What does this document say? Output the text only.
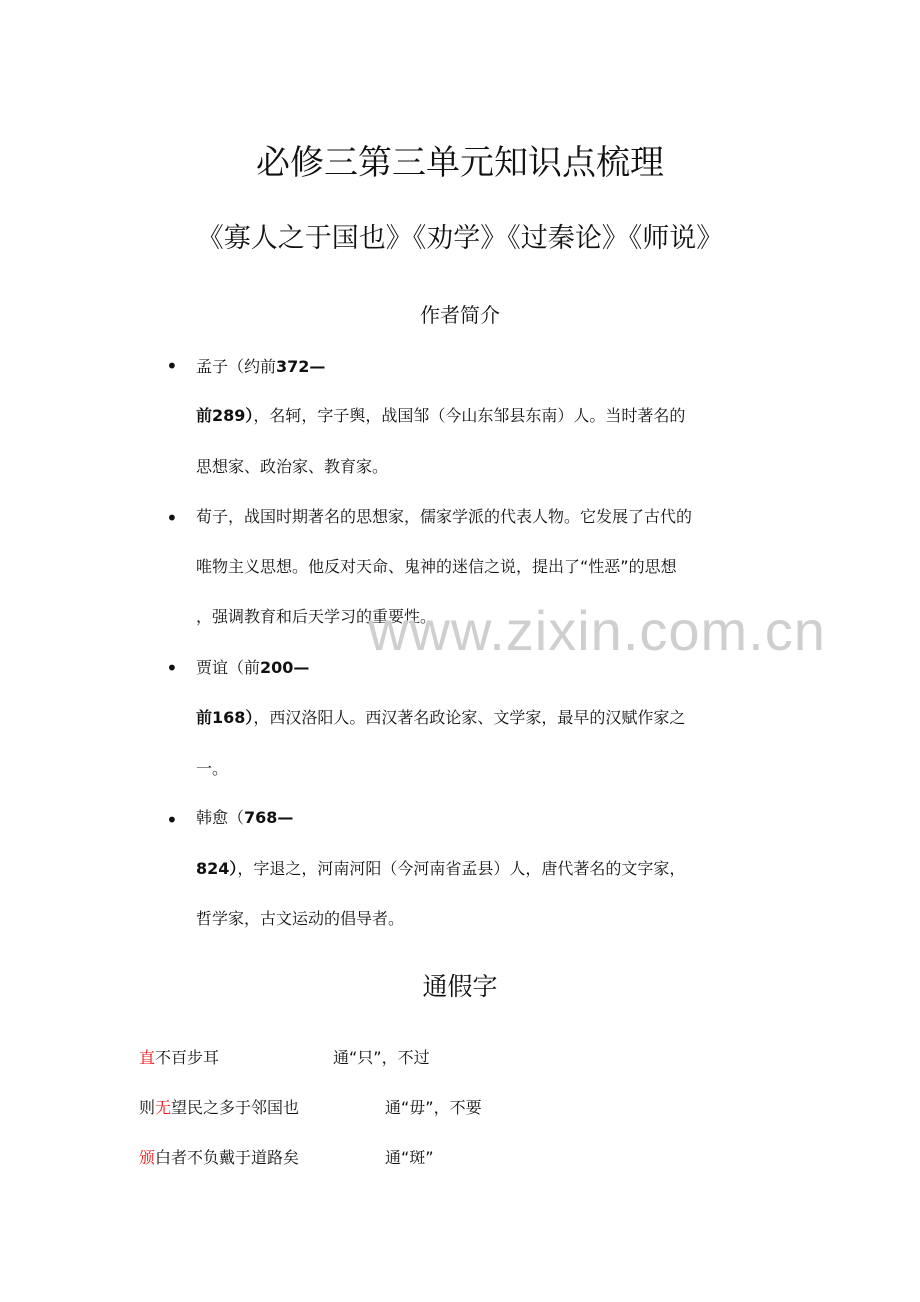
必修三第三单元知识点梳理
《寡人之于国也》《劝学》《过秦论》《师说》
作者简介
• 孟子（约前372—
前289），名轲，字子舆，战国邹（今山东邹县东南）人。当时著名的
思想家、政治家、教育家。
• 荀子，战国时期著名的思想家，儒家学派的代表人物。它发展了古代的
唯物主义思想。他反对天命、鬼神的迷信之说，提出了“性恶”的思想
，强调教育和后天学习的重要性。
• 贾谊（前200—
前168），西汉洛阳人。西汉著名政论家、文学家，最早的汉赋作家之
一。
• 韩愈（768—
824），字退之，河南河阳（今河南省孟县）人，唐代著名的文字家，
哲学家，古文运动的倡导者。
www.zixin.com.cn
通假字
直不百步耳	通“只”，不过
则无望民之多于邻国也	通“毋”，不要
颁白者不负戴于道路矣	通“斑”
